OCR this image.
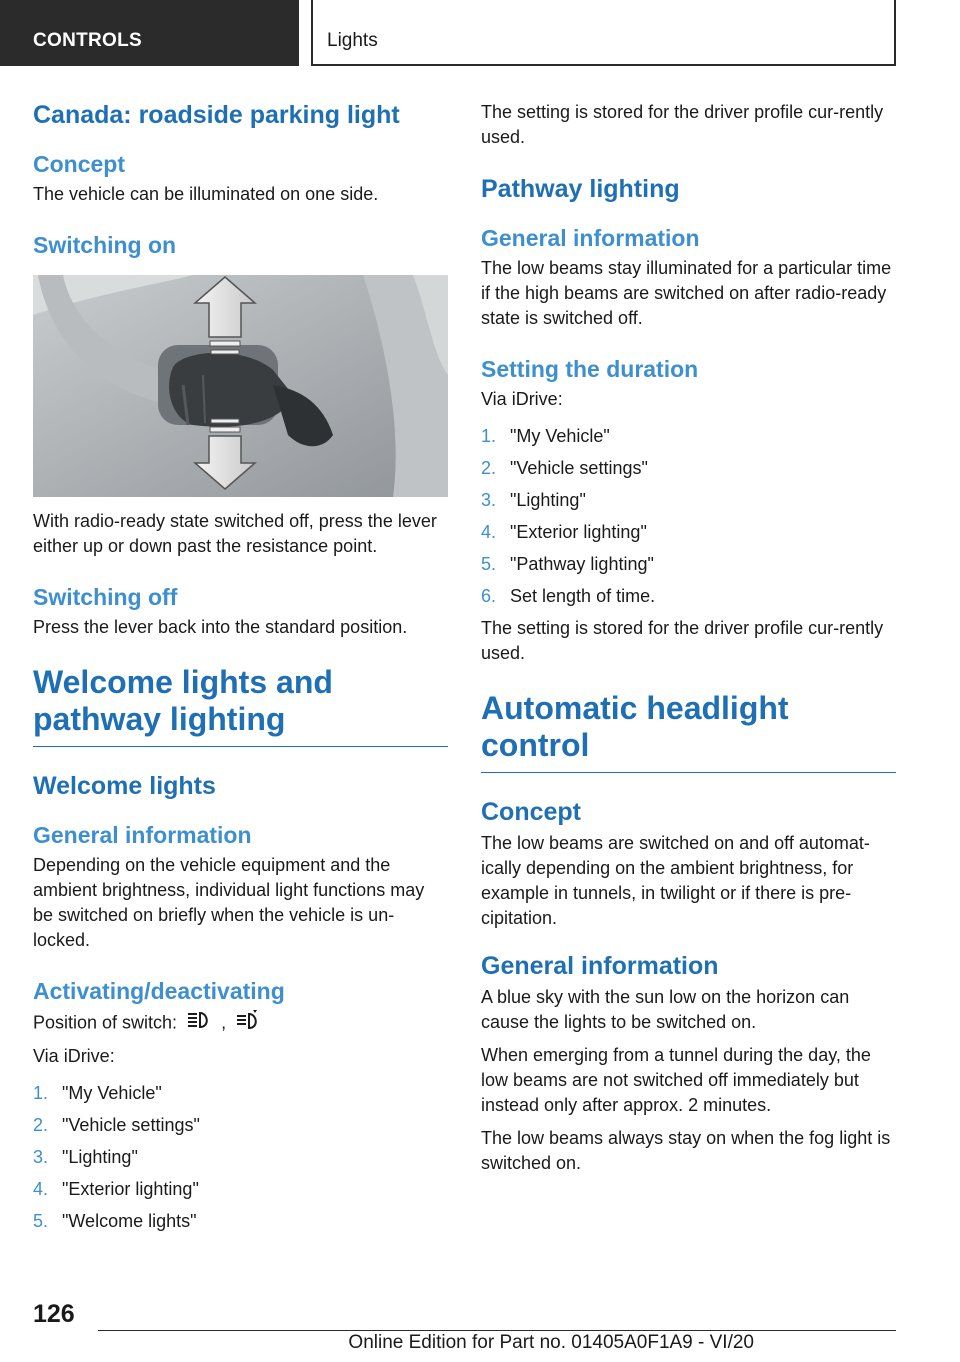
CONTROLS	Lights
Canada: roadside parking light
Concept

The vehicle can be illuminated on one side.

Switching on

With radio-ready state switched off, press the lever either up or down past the resistance point.

Switching off

Press the lever back into the standard position.

Welcome lights and pathway lighting
Welcome lights
General information

Depending on the vehicle equipment and the ambient brightness, individual light functions may be switched on briefly when the vehicle is un-locked.

Activating/deactivating

Position of switch: ,

Via iDrive:

1. "My Vehicle"
2. "Vehicle settings"
3. "Lighting"
4. "Exterior lighting"
5. "Welcome lights"

The setting is stored for the driver profile cur-rently used.

Pathway lighting
General information

The low beams stay illuminated for a particular time if the high beams are switched on after radio-ready state is switched off.

Setting the duration

Via iDrive:

1. "My Vehicle"
2. "Vehicle settings"
3. "Lighting"
4. "Exterior lighting"
5. "Pathway lighting"
6. Set length of time.

The setting is stored for the driver profile cur-rently used.

Automatic headlight control
Concept

The low beams are switched on and off automat-ically depending on the ambient brightness, for example in tunnels, in twilight or if there is pre-cipitation.

General information

A blue sky with the sun low on the horizon can cause the lights to be switched on.

When emerging from a tunnel during the day, the low beams are not switched off immediately but instead only after approx. 2 minutes.

The low beams always stay on when the fog light is switched on.

126
Online Edition for Part no. 01405A0F1A9 - VI/20
